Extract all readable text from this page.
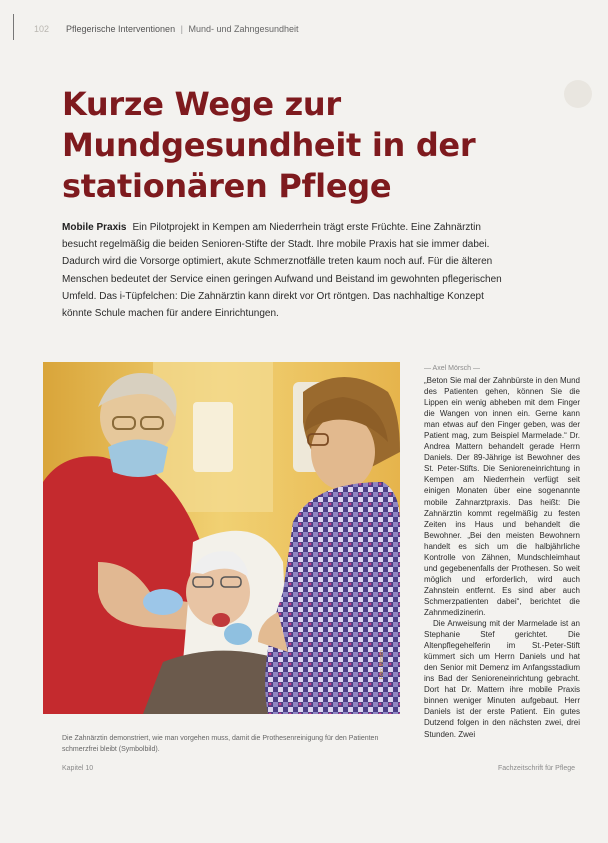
102 Pflegerische Interventionen | Mund- und Zahngesundheit
Kurze Wege zur Mundgesundheit in der stationären Pflege

Mobile Praxis Ein Pilotprojekt in Kempen am Niederrhein trägt erste Früchte. Eine Zahnärztin besucht regelmäßig die beiden Senioren-Stifte der Stadt. Ihre mobile Praxis hat sie immer dabei. Dadurch wird die Vorsorge optimiert, akute Schmerznotfälle treten kaum noch auf. Für die älteren Menschen bedeutet der Service einen geringen Aufwand und Beistand im gewohnten pflegerischen Umfeld. Das i-Tüpfelchen: Die Zahnärztin kann direkt vor Ort röntgen. Das nachhaltige Konzept könnte Schule machen für andere Einrichtungen.

Foto: Mörsch

Die Zahnärztin demonstriert, wie man vorgehen muss, damit die Prothesenreinigung für den Patienten schmerzfrei bleibt (Symbolbild).

— Axel Mörsch —

„Beton Sie mal der Zahnbürste in den Mund des Patienten gehen, können Sie die Lippen ein wenig abheben mit dem Finger die Wangen von innen ein. Gerne kann man etwas auf den Finger geben, was der Patient mag, zum Beispiel Marmelade.“ Dr. Andrea Mattern behandelt gerade Herrn Daniels. Der 89-Jährige ist Bewohner des St. Peter-Stifts. Die Senioreneinrichtung in Kempen am Niederrhein verfügt seit einigen Monaten über eine sogenannte mobile Zahnarztpraxis. Das heißt: Die Zahnärztin kommt regelmäßig zu festen Zeiten ins Haus und behandelt die Bewohner. „Bei den meisten Bewohnern handelt es sich um die halbjährliche Kontrolle von Zähnen, Mundschleimhaut und gegebenenfalls der Prothesen. So weit möglich und erforderlich, wird auch Zahnstein entfernt. Es sind aber auch Schmerzpatienten dabei“, berichtet die Zahnmedizinerin.

Die Anweisung mit der Marmelade ist an Stephanie Stef gerichtet. Die Altenpflegehelferin im St.-Peter-Stift kümmert sich um Herrn Daniels und hat den Senior mit Demenz im Anfangsstadium ins Bad der Senioreneinrichtung gebracht. Dort hat Dr. Mattern ihre mobile Praxis binnen weniger Minuten aufgebaut. Herr Daniels ist der erste Patient. Ein gutes Dutzend folgen in den nächsten zwei, drei Stunden. Zwei

Kapitel 10	Fachzeitschrift für Pflege
